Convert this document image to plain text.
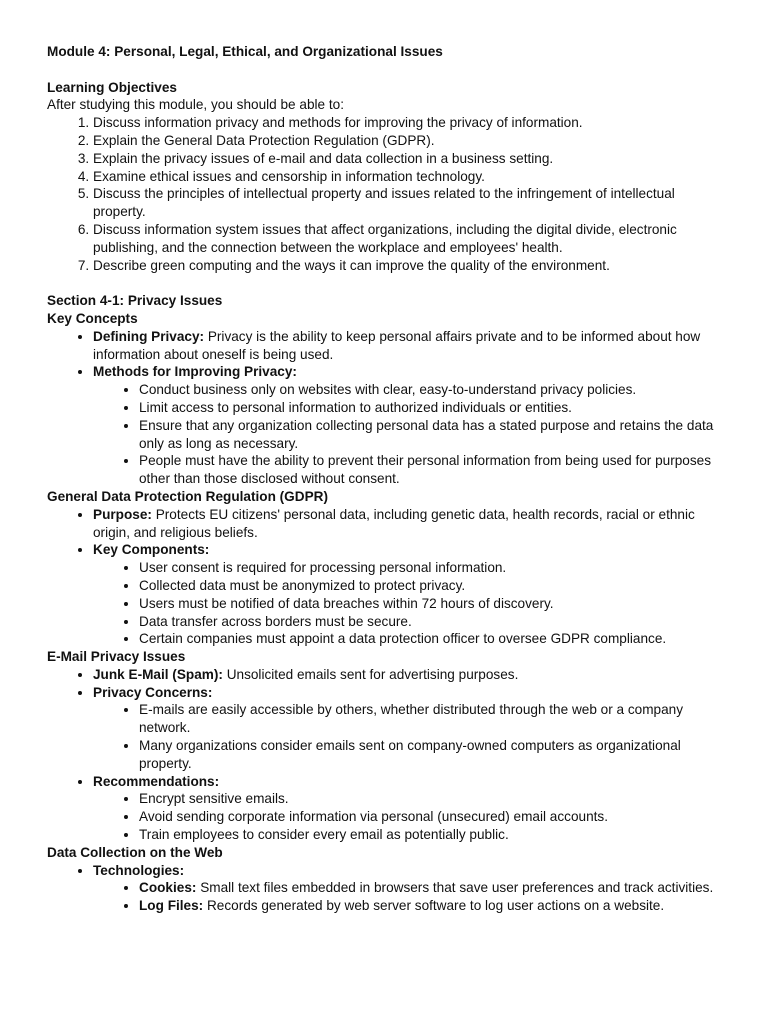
Module 4: Personal, Legal, Ethical, and Organizational Issues
Learning Objectives

After studying this module, you should be able to:

1. Discuss information privacy and methods for improving the privacy of information.
2. Explain the General Data Protection Regulation (GDPR).
3. Explain the privacy issues of e-mail and data collection in a business setting.
4. Examine ethical issues and censorship in information technology.
5. Discuss the principles of intellectual property and issues related to the infringement of intellectual property.
6. Discuss information system issues that affect organizations, including the digital divide, electronic publishing, and the connection between the workplace and employees' health.
7. Describe green computing and the ways it can improve the quality of the environment.
Section 4-1: Privacy Issues
Key Concepts
• Defining Privacy: Privacy is the ability to keep personal affairs private and to be informed about how information about oneself is being used.
• Methods for Improving Privacy:
• Conduct business only on websites with clear, easy-to-understand privacy policies.
• Limit access to personal information to authorized individuals or entities.
• Ensure that any organization collecting personal data has a stated purpose and retains the data only as long as necessary.
• People must have the ability to prevent their personal information from being used for purposes other than those disclosed without consent.
General Data Protection Regulation (GDPR)
• Purpose: Protects EU citizens' personal data, including genetic data, health records, racial or ethnic origin, and religious beliefs.
• Key Components:
• User consent is required for processing personal information.
• Collected data must be anonymized to protect privacy.
• Users must be notified of data breaches within 72 hours of discovery.
• Data transfer across borders must be secure.
• Certain companies must appoint a data protection officer to oversee GDPR compliance.
E-Mail Privacy Issues
• Junk E-Mail (Spam): Unsolicited emails sent for advertising purposes.
• Privacy Concerns:
• E-mails are easily accessible by others, whether distributed through the web or a company network.
• Many organizations consider emails sent on company-owned computers as organizational property.
• Recommendations:
• Encrypt sensitive emails.
• Avoid sending corporate information via personal (unsecured) email accounts.
• Train employees to consider every email as potentially public.
Data Collection on the Web
• Technologies:
• Cookies: Small text files embedded in browsers that save user preferences and track activities.
• Log Files: Records generated by web server software to log user actions on a website.
